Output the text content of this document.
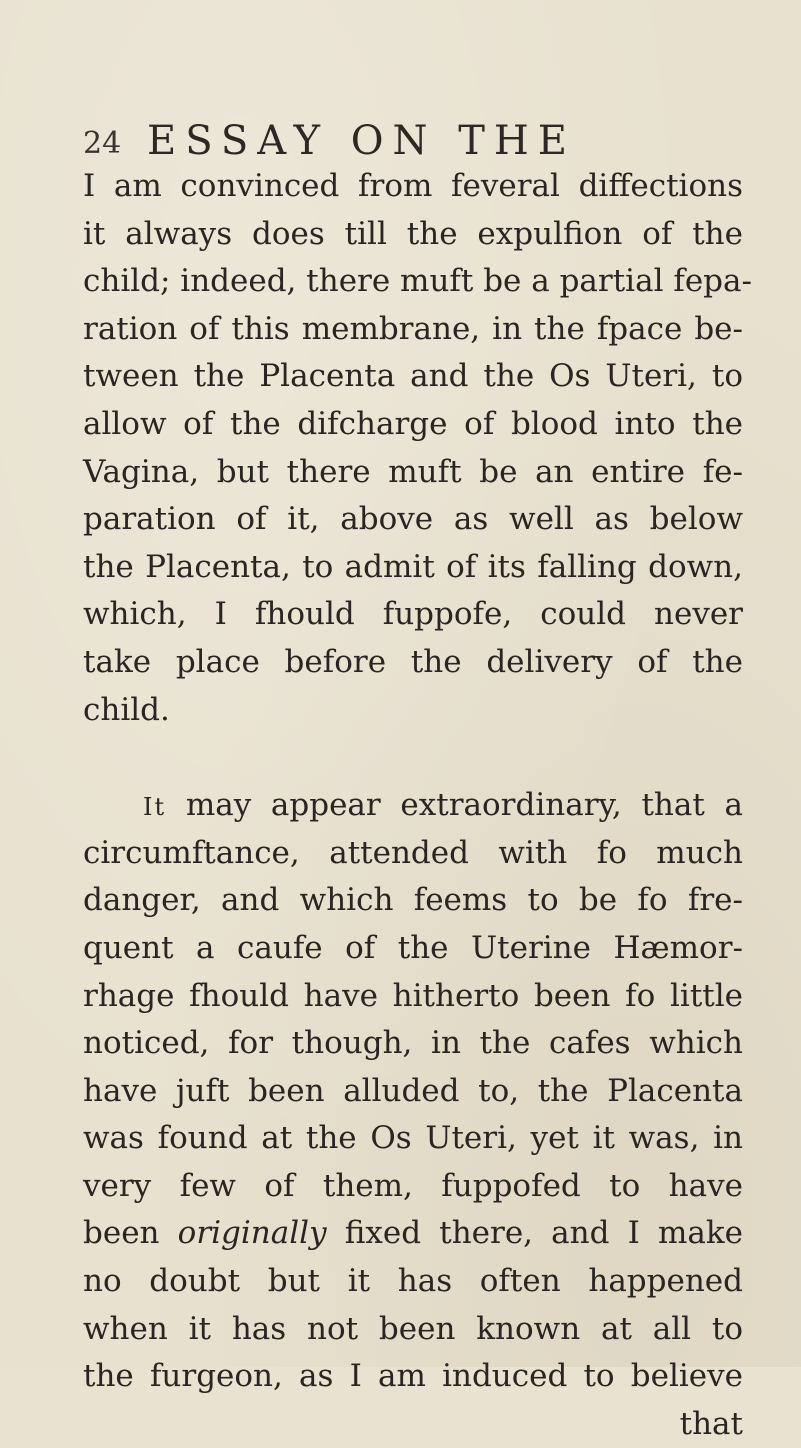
24 ESSAY ON THE
I am convinced from feveral diffections
it always does till the expulfion of the
child; indeed, there muft be a partial fepa-
ration of this membrane, in the fpace be-
tween the Placenta and the Os Uteri, to
allow of the difcharge of blood into the
Vagina, but there muft be an entire fe-
paration of it, above as well as below
the Placenta, to admit of its falling down,
which, I fhould fuppofe, could never
take place before the delivery of the
child.
It may appear extraordinary, that a
circumftance, attended with fo much
danger, and which feems to be fo fre-
quent a caufe of the Uterine Hæmor-
rhage fhould have hitherto been fo little
noticed, for though, in the cafes which
have juft been alluded to, the Placenta
was found at the Os Uteri, yet it was, in
very few of them, fuppofed to have
been originally fixed there, and I make
no doubt but it has often happened
when it has not been known at all to
the furgeon, as I am induced to believe
that
